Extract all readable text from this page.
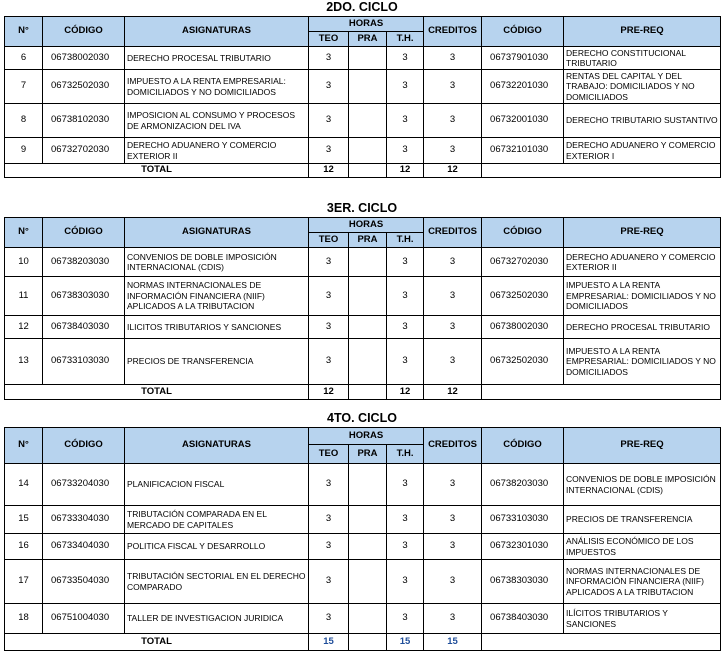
2DO. CICLO
N°	CÓDIGO	ASIGNATURAS	HORAS			CREDITOS	CÓDIGO	PRE-REQ
			TEO	PRA	T.H.			
6	06738002030	DERECHO PROCESAL TRIBUTARIO	3		3	3	06737901030	DERECHO CONSTITUCIONAL TRIBUTARIO
7	06732502030	IMPUESTO A LA RENTA EMPRESARIAL: DOMICILIADOS Y NO DOMICILIADOS	3		3	3	06732201030	RENTAS DEL CAPITAL Y DEL TRABAJO: DOMICILIADOS Y NO DOMICILIADOS
8	06738102030	IMPOSICION AL CONSUMO Y PROCESOS DE ARMONIZACION DEL IVA	3		3	3	06732001030	DERECHO TRIBUTARIO SUSTANTIVO
9	06732702030	DERECHO ADUANERO Y COMERCIO EXTERIOR II	3		3	3	06732101030	DERECHO ADUANERO Y COMERCIO EXTERIOR I
TOTAL			12		12	12		
3ER. CICLO
N°	CÓDIGO	ASIGNATURAS	HORAS			CREDITOS	CÓDIGO	PRE-REQ
			TEO	PRA	T.H.			
10	06738203030	CONVENIOS DE DOBLE IMPOSICIÓN INTERNACIONAL (CDIS)	3		3	3	06732702030	DERECHO ADUANERO Y COMERCIO EXTERIOR II
11	06738303030	NORMAS INTERNACIONALES DE INFORMACIÓN FINANCIERA (NIIF) APLICADOS A LA TRIBUTACION	3		3	3	06732502030	IMPUESTO A LA RENTA EMPRESARIAL: DOMICILIADOS Y NO DOMICILIADOS
12	06738403030	ILICITOS TRIBUTARIOS Y SANCIONES	3		3	3	06738002030	DERECHO PROCESAL TRIBUTARIO
13	06733103030	PRECIOS DE TRANSFERENCIA	3		3	3	06732502030	IMPUESTO A LA RENTA EMPRESARIAL: DOMICILIADOS Y NO DOMICILIADOS
TOTAL			12		12	12		
4TO. CICLO
N°	CÓDIGO	ASIGNATURAS	HORAS			CREDITOS	CÓDIGO	PRE-REQ
			TEO	PRA	T.H.			
14	06733204030	PLANIFICACION FISCAL	3		3	3	06738203030	CONVENIOS DE DOBLE IMPOSICIÓN INTERNACIONAL (CDIS)
15	06733304030	TRIBUTACIÓN COMPARADA EN EL MERCADO DE CAPITALES	3		3	3	06733103030	PRECIOS DE TRANSFERENCIA
16	06733404030	POLITICA FISCAL Y DESARROLLO	3		3	3	06732301030	ANÁLISIS ECONÓMICO DE LOS IMPUESTOS
17	06733504030	TRIBUTACIÓN SECTORIAL EN EL DERECHO COMPARADO	3		3	3	06738303030	NORMAS INTERNACIONALES DE INFORMACIÓN FINANCIERA (NIIF) APLICADOS A LA TRIBUTACION
18	06751004030	TALLER DE INVESTIGACION JURIDICA	3		3	3	06738403030	ILÍCITOS TRIBUTARIOS Y SANCIONES
TOTAL			15		15	15		
